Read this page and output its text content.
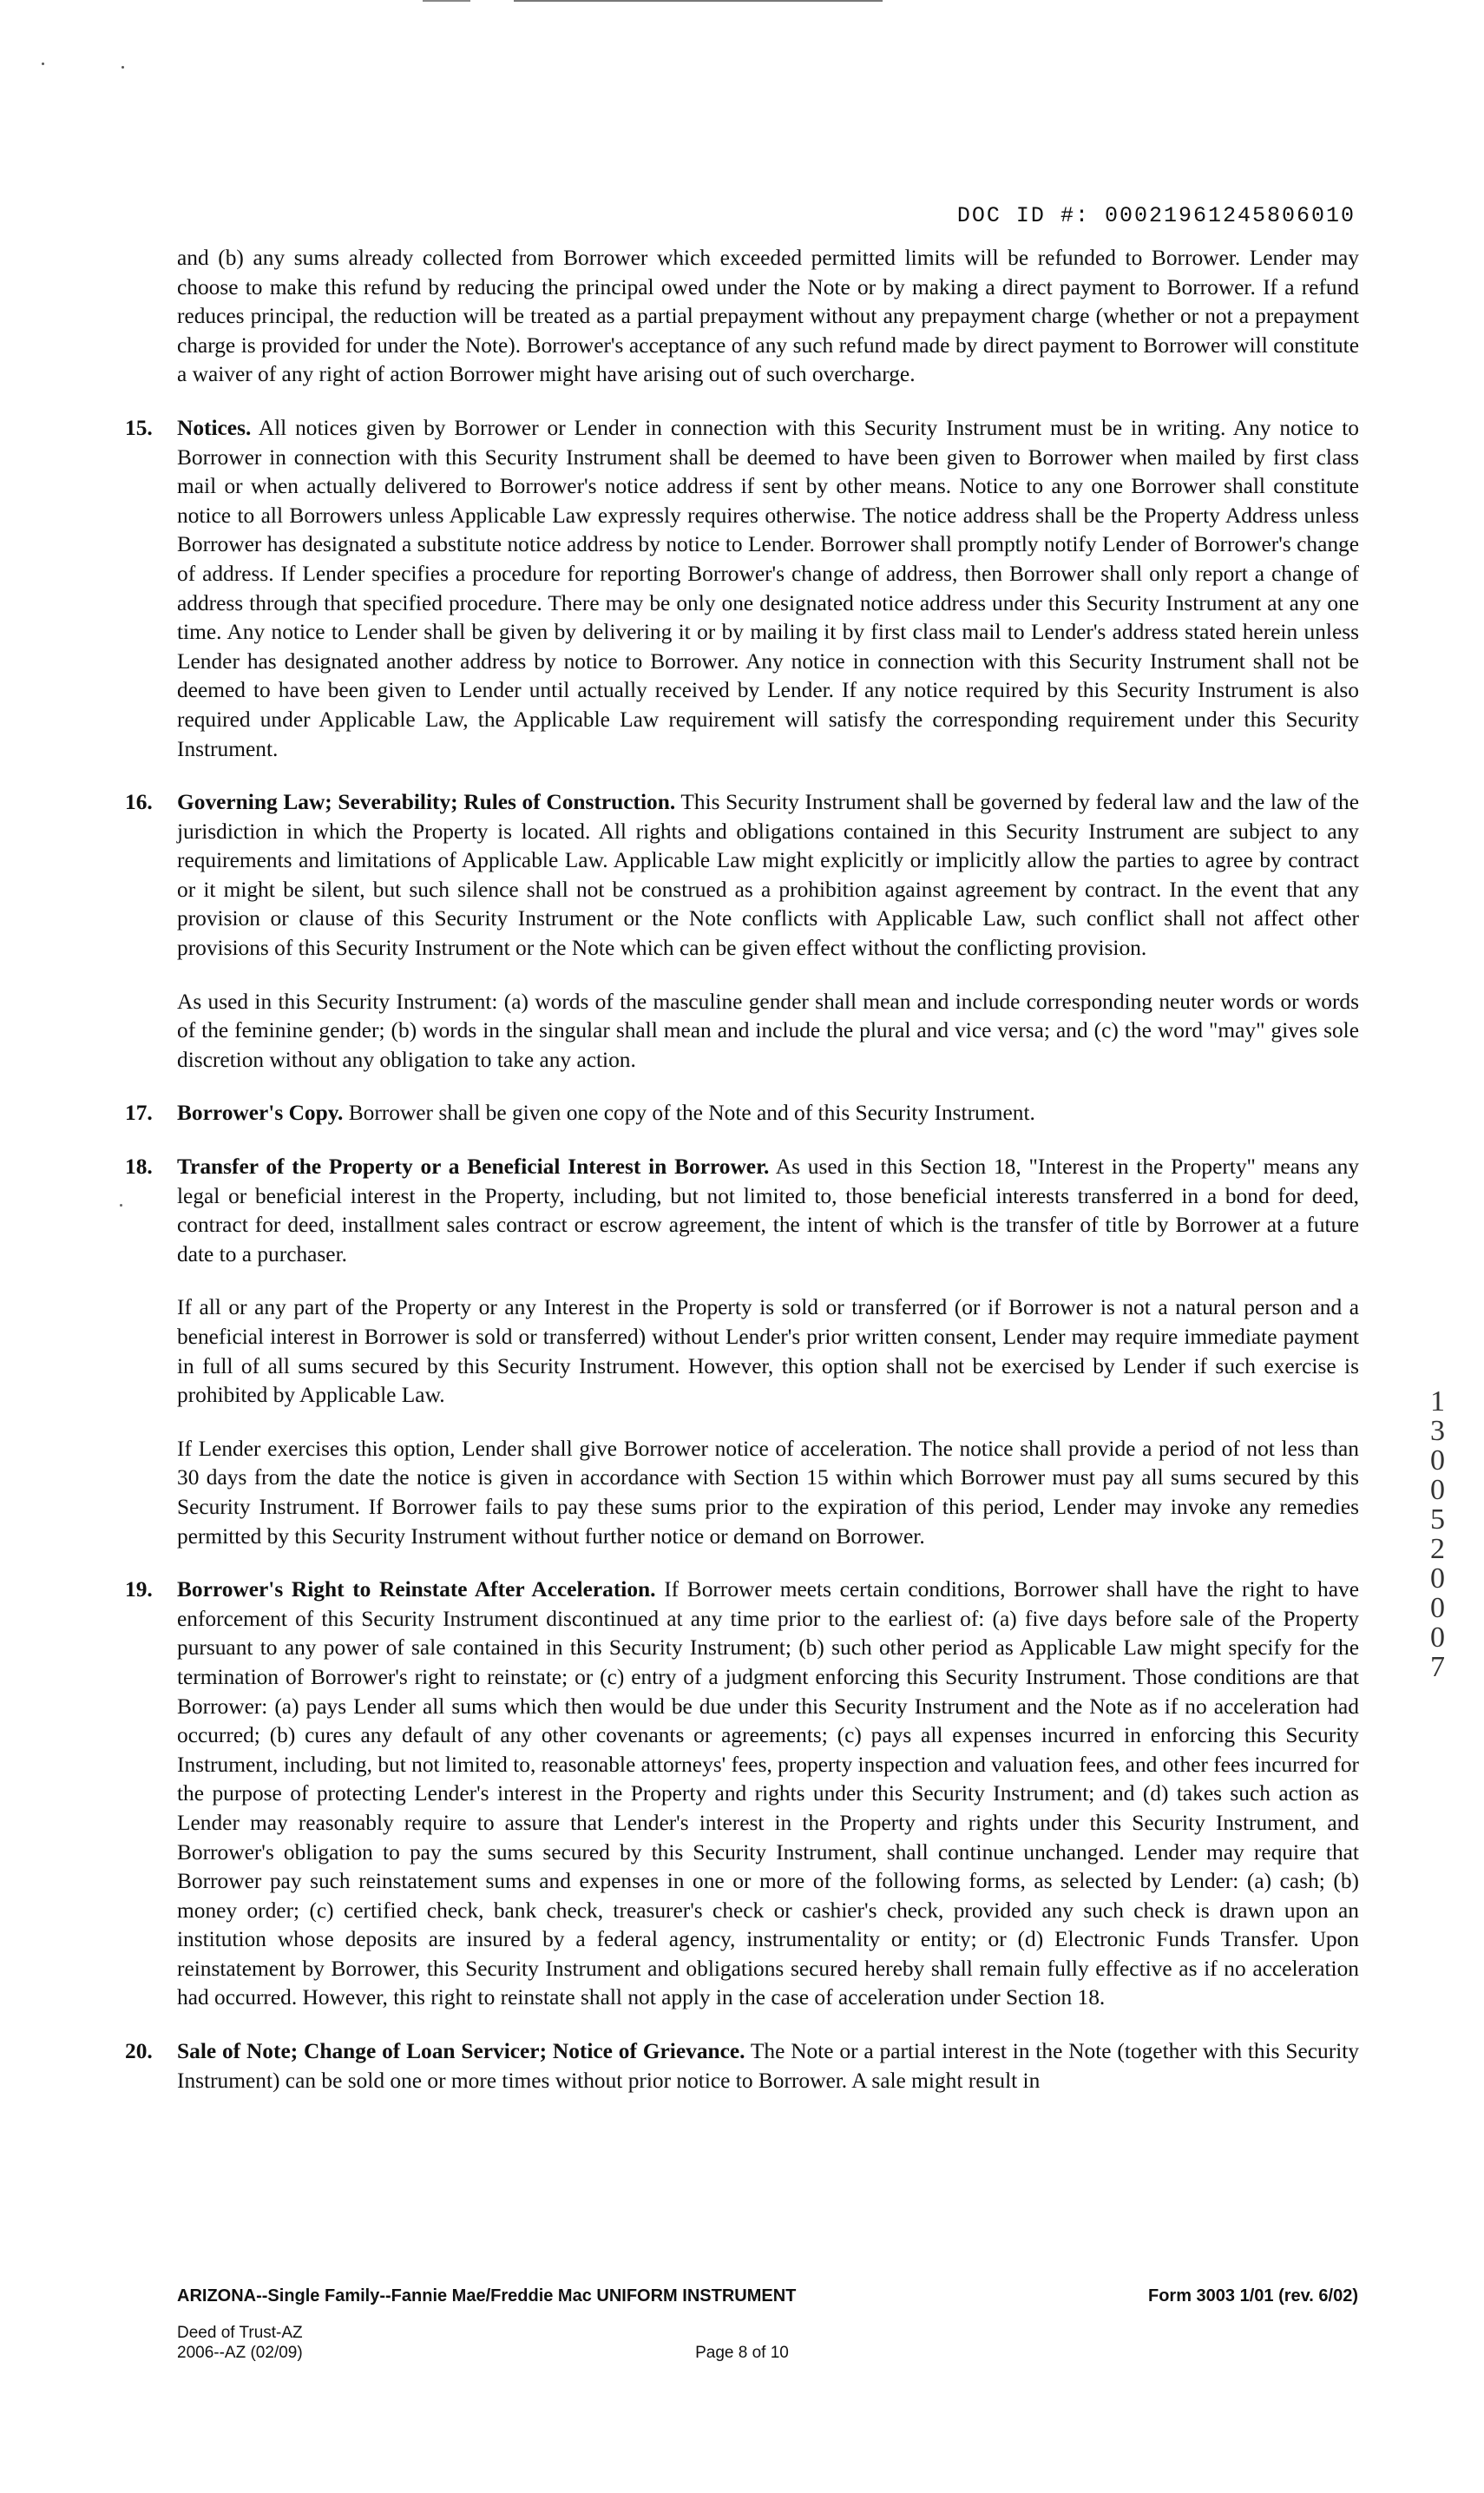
DOC ID #: 00021961245806010

and (b) any sums already collected from Borrower which exceeded permitted limits will be refunded to Borrower. Lender may choose to make this refund by reducing the principal owed under the Note or by making a direct payment to Borrower. If a refund reduces principal, the reduction will be treated as a partial prepayment without any prepayment charge (whether or not a prepayment charge is provided for under the Note). Borrower's acceptance of any such refund made by direct payment to Borrower will constitute a waiver of any right of action Borrower might have arising out of such overcharge.

15. Notices. All notices given by Borrower or Lender in connection with this Security Instrument must be in writing. Any notice to Borrower in connection with this Security Instrument shall be deemed to have been given to Borrower when mailed by first class mail or when actually delivered to Borrower's notice address if sent by other means. Notice to any one Borrower shall constitute notice to all Borrowers unless Applicable Law expressly requires otherwise. The notice address shall be the Property Address unless Borrower has designated a substitute notice address by notice to Lender. Borrower shall promptly notify Lender of Borrower's change of address. If Lender specifies a procedure for reporting Borrower's change of address, then Borrower shall only report a change of address through that specified procedure. There may be only one designated notice address under this Security Instrument at any one time. Any notice to Lender shall be given by delivering it or by mailing it by first class mail to Lender's address stated herein unless Lender has designated another address by notice to Borrower. Any notice in connection with this Security Instrument shall not be deemed to have been given to Lender until actually received by Lender. If any notice required by this Security Instrument is also required under Applicable Law, the Applicable Law requirement will satisfy the corresponding requirement under this Security Instrument.

16. Governing Law; Severability; Rules of Construction. This Security Instrument shall be governed by federal law and the law of the jurisdiction in which the Property is located. All rights and obligations contained in this Security Instrument are subject to any requirements and limitations of Applicable Law. Applicable Law might explicitly or implicitly allow the parties to agree by contract or it might be silent, but such silence shall not be construed as a prohibition against agreement by contract. In the event that any provision or clause of this Security Instrument or the Note conflicts with Applicable Law, such conflict shall not affect other provisions of this Security Instrument or the Note which can be given effect without the conflicting provision.

As used in this Security Instrument: (a) words of the masculine gender shall mean and include corresponding neuter words or words of the feminine gender; (b) words in the singular shall mean and include the plural and vice versa; and (c) the word "may" gives sole discretion without any obligation to take any action.

17. Borrower's Copy. Borrower shall be given one copy of the Note and of this Security Instrument.

18. Transfer of the Property or a Beneficial Interest in Borrower. As used in this Section 18, "Interest in the Property" means any legal or beneficial interest in the Property, including, but not limited to, those beneficial interests transferred in a bond for deed, contract for deed, installment sales contract or escrow agreement, the intent of which is the transfer of title by Borrower at a future date to a purchaser.

If all or any part of the Property or any Interest in the Property is sold or transferred (or if Borrower is not a natural person and a beneficial interest in Borrower is sold or transferred) without Lender's prior written consent, Lender may require immediate payment in full of all sums secured by this Security Instrument. However, this option shall not be exercised by Lender if such exercise is prohibited by Applicable Law.

If Lender exercises this option, Lender shall give Borrower notice of acceleration. The notice shall provide a period of not less than 30 days from the date the notice is given in accordance with Section 15 within which Borrower must pay all sums secured by this Security Instrument. If Borrower fails to pay these sums prior to the expiration of this period, Lender may invoke any remedies permitted by this Security Instrument without further notice or demand on Borrower.

19. Borrower's Right to Reinstate After Acceleration. If Borrower meets certain conditions, Borrower shall have the right to have enforcement of this Security Instrument discontinued at any time prior to the earliest of: (a) five days before sale of the Property pursuant to any power of sale contained in this Security Instrument; (b) such other period as Applicable Law might specify for the termination of Borrower's right to reinstate; or (c) entry of a judgment enforcing this Security Instrument. Those conditions are that Borrower: (a) pays Lender all sums which then would be due under this Security Instrument and the Note as if no acceleration had occurred; (b) cures any default of any other covenants or agreements; (c) pays all expenses incurred in enforcing this Security Instrument, including, but not limited to, reasonable attorneys' fees, property inspection and valuation fees, and other fees incurred for the purpose of protecting Lender's interest in the Property and rights under this Security Instrument; and (d) takes such action as Lender may reasonably require to assure that Lender's interest in the Property and rights under this Security Instrument, and Borrower's obligation to pay the sums secured by this Security Instrument, shall continue unchanged. Lender may require that Borrower pay such reinstatement sums and expenses in one or more of the following forms, as selected by Lender: (a) cash; (b) money order; (c) certified check, bank check, treasurer's check or cashier's check, provided any such check is drawn upon an institution whose deposits are insured by a federal agency, instrumentality or entity; or (d) Electronic Funds Transfer. Upon reinstatement by Borrower, this Security Instrument and obligations secured hereby shall remain fully effective as if no acceleration had occurred. However, this right to reinstate shall not apply in the case of acceleration under Section 18.

20. Sale of Note; Change of Loan Servicer; Notice of Grievance. The Note or a partial interest in the Note (together with this Security Instrument) can be sold one or more times without prior notice to Borrower. A sale might result in

1300520007
ARIZONA--Single Family--Fannie Mae/Freddie Mac UNIFORM INSTRUMENT	Form 3003 1/01 (rev. 6/02)
Deed of Trust-AZ
2006--AZ (02/09)	Page 8 of 10
